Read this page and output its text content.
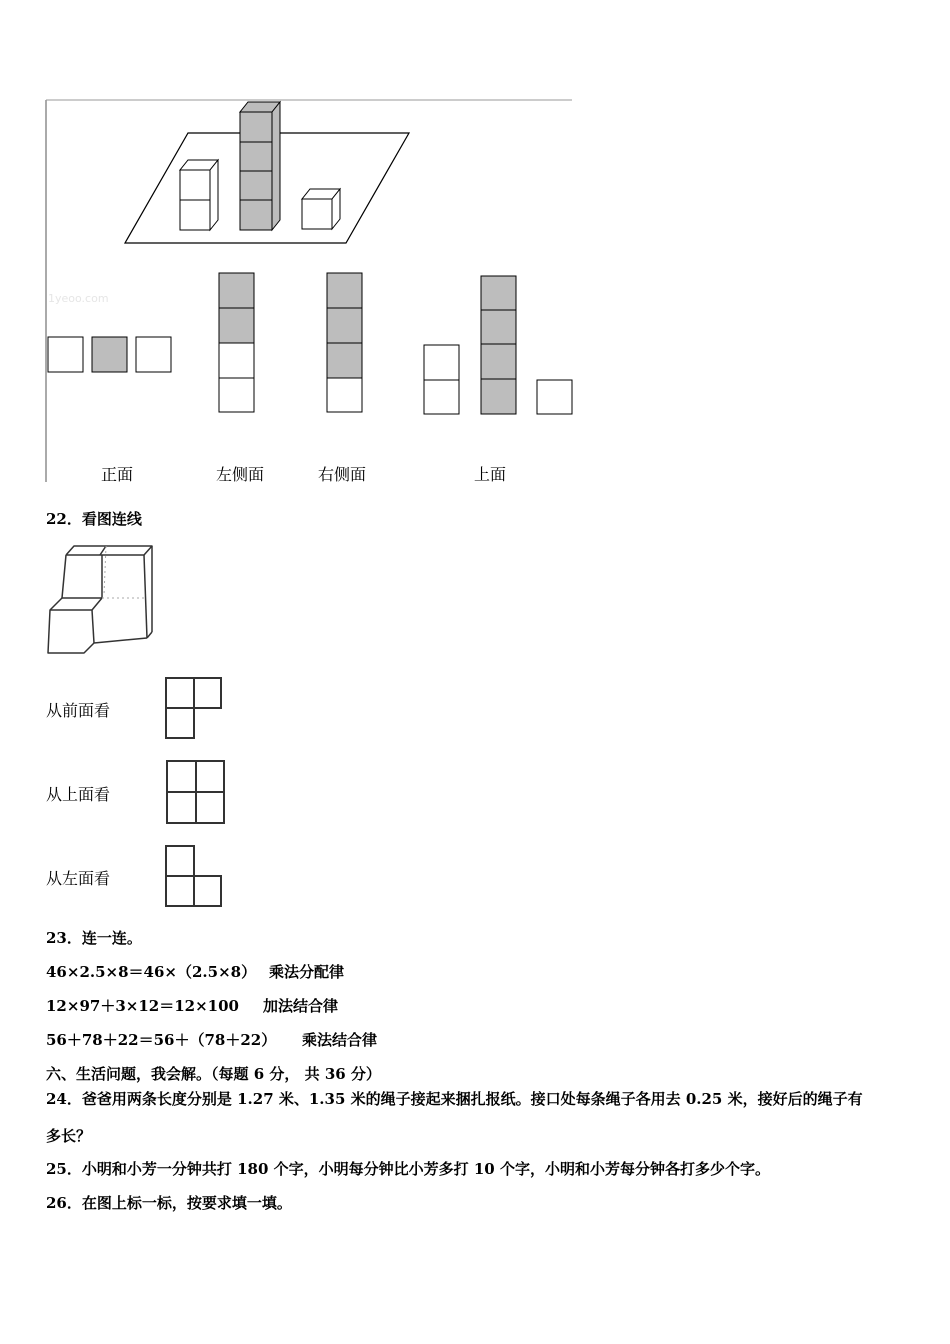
1yeoo.com
正面	左侧面	右侧面	上面
22．看图连线
从前面看
从上面看
从左面看
23．连一连。
46×2.5×8＝46×（2.5×8） 乘法分配律
12×97＋3×12＝12×100 加法结合律
56＋78＋22＝56＋（78＋22） 乘法结合律
六、生活问题，我会解。（每题 6 分， 共 36 分）
24．爸爸用两条长度分别是 1.27 米、1.35 米的绳子接起来捆扎报纸。接口处每条绳子各用去 0.25 米，接好后的绳子有
多长？
25．小明和小芳一分钟共打 180 个字，小明每分钟比小芳多打 10 个字，小明和小芳每分钟各打多少个字。
26．在图上标一标，按要求填一填。
